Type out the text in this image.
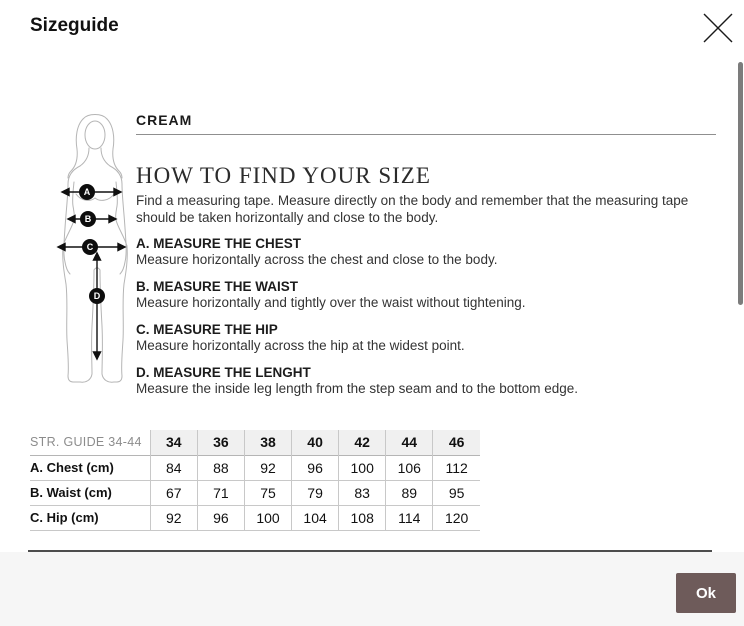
Sizeguide
A
B
C
D
CREAM
HOW TO FIND YOUR SIZE
Find a measuring tape. Measure directly on the body and remember that the measuring tape should be taken horizontally and close to the body.
A. MEASURE THE CHEST
Measure horizontally across the chest and close to the body.
B. MEASURE THE WAIST
Measure horizontally and tightly over the waist without tightening.
C. MEASURE THE HIP
Measure horizontally across the hip at the widest point.
D. MEASURE THE LENGHT
Measure the inside leg length from the step seam and to the bottom edge.
STR. GUIDE 34-44	34	36	38	40	42	44	46
A. Chest (cm)	84	88	92	96	100	106	112
B. Waist (cm)	67	71	75	79	83	89	95
C. Hip (cm)	92	96	100	104	108	114	120
Ok
